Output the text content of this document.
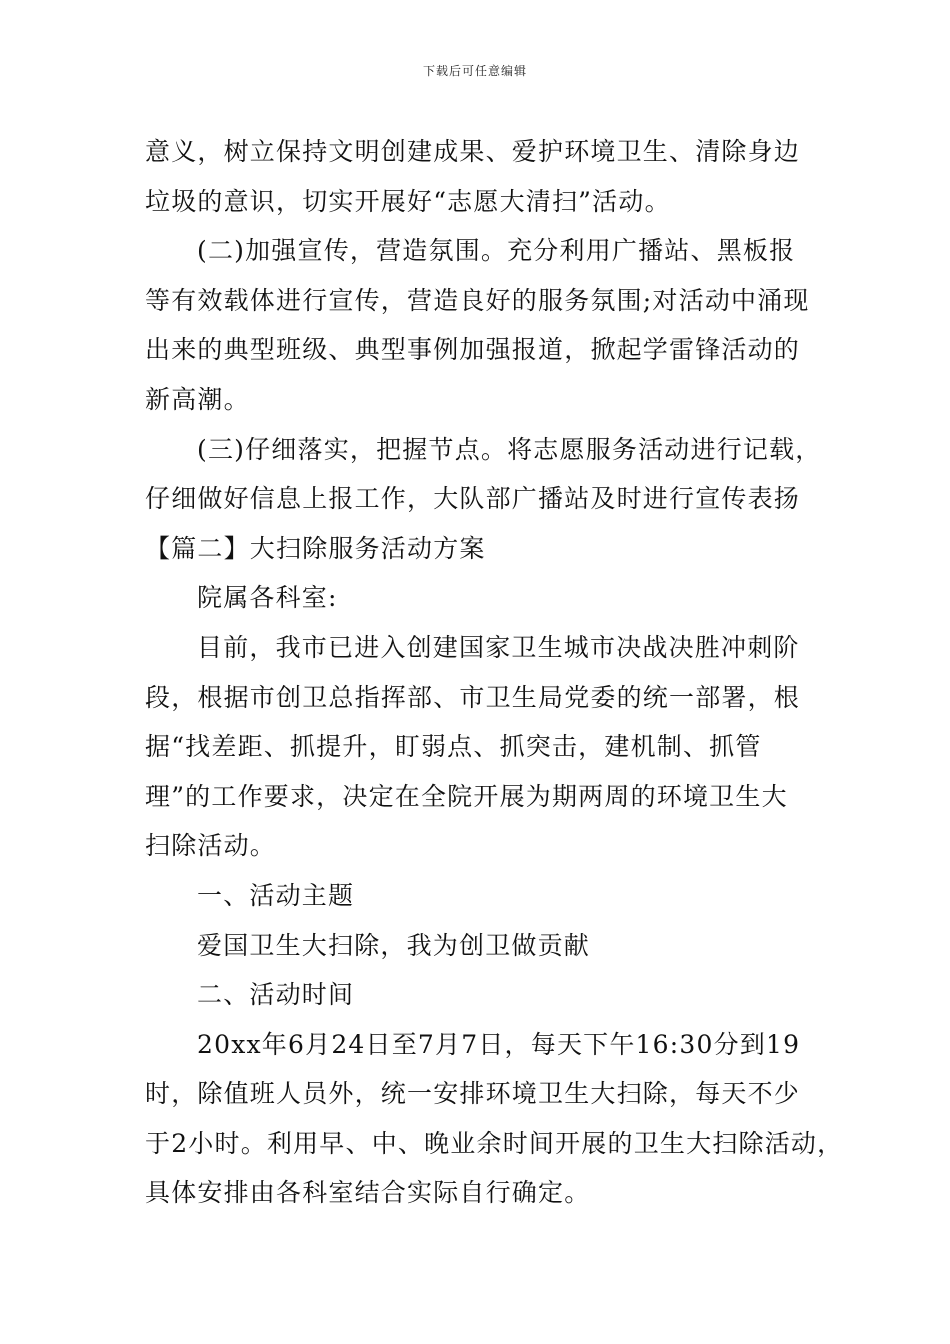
下载后可任意编辑
意义，树立保持文明创建成果、爱护环境卫生、清除身边
垃圾的意识，切实开展好“志愿大清扫”活动。
(二)加强宣传，营造氛围。充分利用广播站、黑板报
等有效载体进行宣传，营造良好的服务氛围;对活动中涌现
出来的典型班级、典型事例加强报道，掀起学雷锋活动的
新高潮。
(三)仔细落实，把握节点。将志愿服务活动进行记载，
仔细做好信息上报工作，大队部广播站及时进行宣传表扬
【篇二】大扫除服务活动方案
院属各科室:
目前，我市已进入创建国家卫生城市决战决胜冲刺阶
段，根据市创卫总指挥部、市卫生局党委的统一部署，根
据“找差距、抓提升，盯弱点、抓突击，建机制、抓管
理”的工作要求，决定在全院开展为期两周的环境卫生大
扫除活动。
一、活动主题
爱国卫生大扫除，我为创卫做贡献
二、活动时间
20xx年6月24日至7月7日，每天下午16:30分到19
时，除值班人员外，统一安排环境卫生大扫除，每天不少
于2小时。利用早、中、晚业余时间开展的卫生大扫除活动，
具体安排由各科室结合实际自行确定。
